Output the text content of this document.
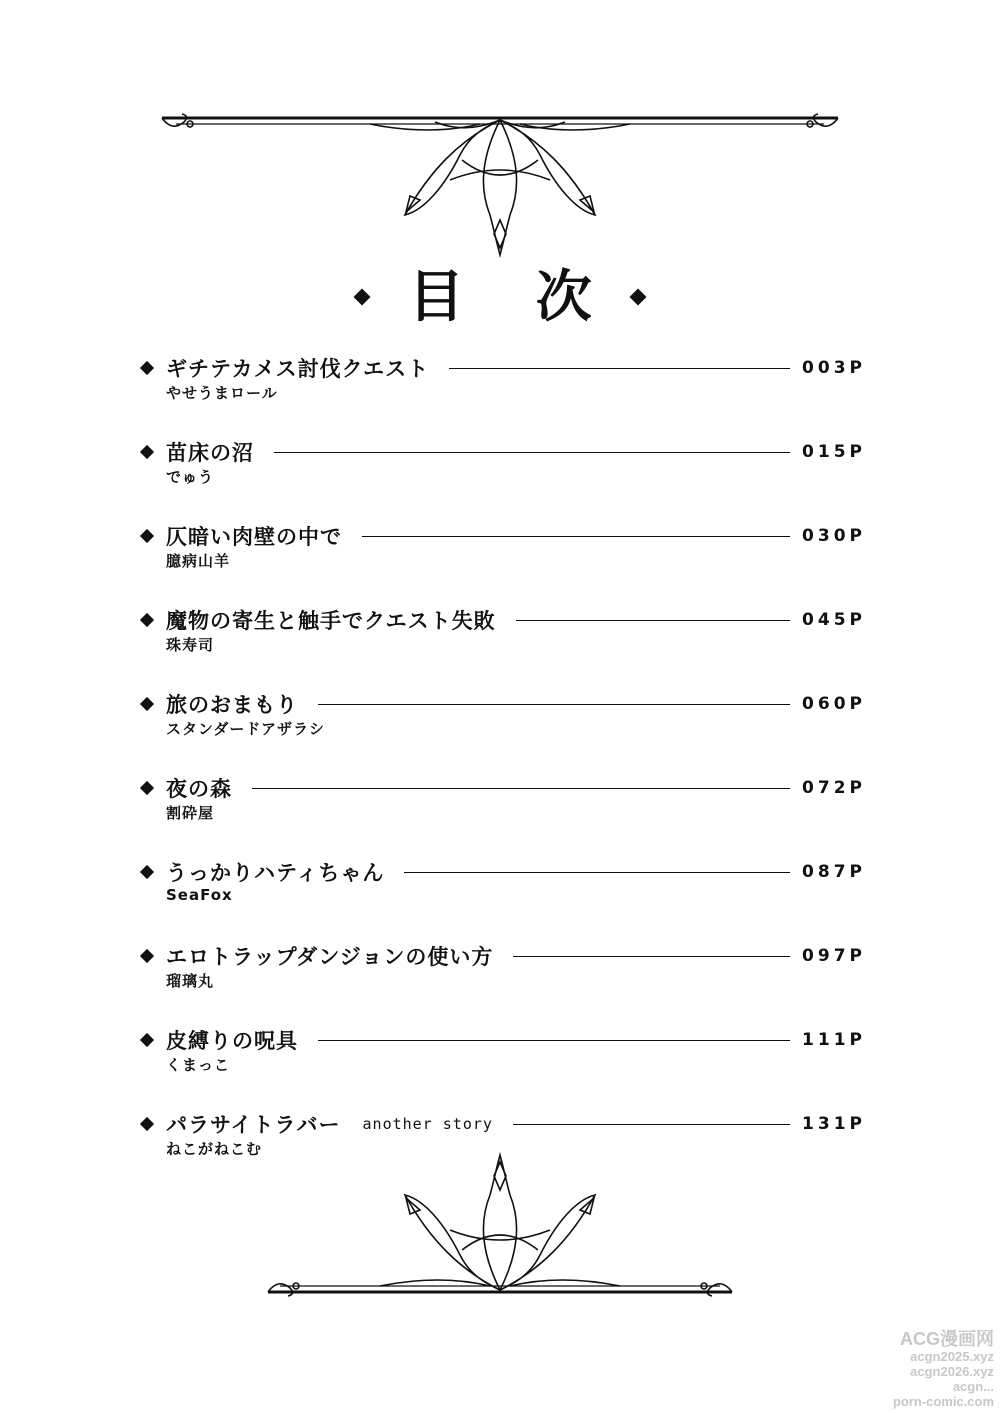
目 次
ギチテカメス討伐クエスト	003P
やせうまロール
苗床の沼	015P
でゅう
仄暗い肉壁の中で	030P
臆病山羊
魔物の寄生と触手でクエスト失敗	045P
珠寿司
旅のおまもり	060P
スタンダードアザラシ
夜の森	072P
割砕屋
うっかりハティちゃん	087P
SeaFox
エロトラップダンジョンの使い方	097P
瑠璃丸
皮縛りの呪具	111P
くまっこ
パラサイトラバー another story	131P
ねこがねこむ
ACG漫画网
acgn2025.xyz
acgn2026.xyz
acgn...
porn-comic.com
